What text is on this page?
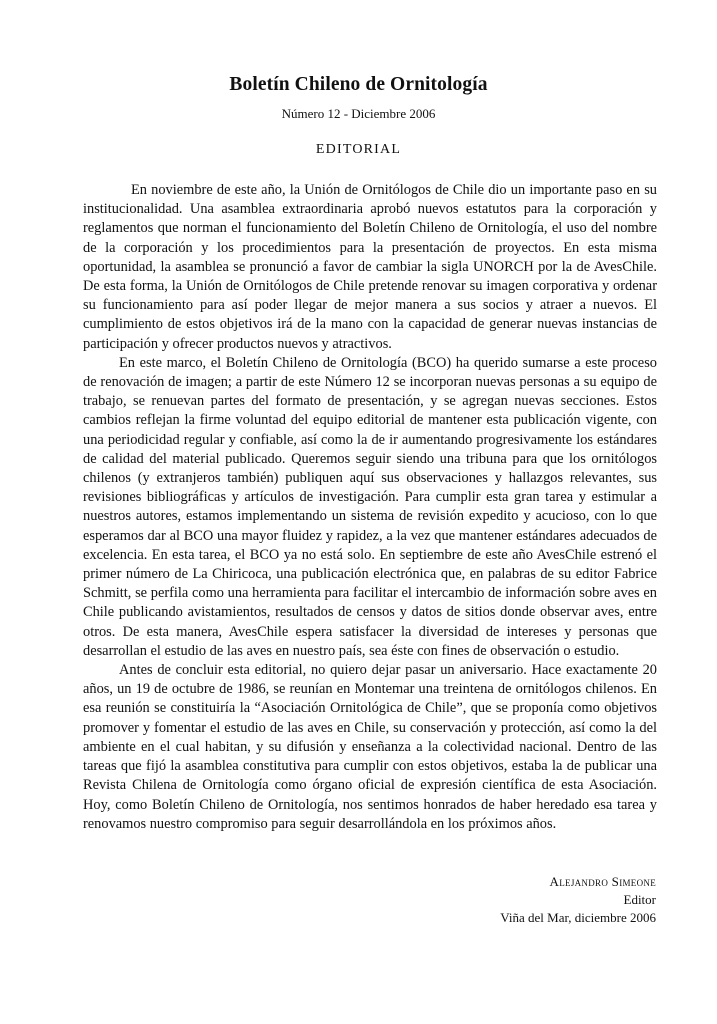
Boletín Chileno de Ornitología
Número 12 - Diciembre 2006
EDITORIAL

En noviembre de este año, la Unión de Ornitólogos de Chile dio un importante paso en su institucionalidad. Una asamblea extraordinaria aprobó nuevos estatutos para la corporación y reglamentos que norman el funcionamiento del Boletín Chileno de Ornitología, el uso del nombre de la corporación y los procedimientos para la presentación de proyectos. En esta misma oportunidad, la asamblea se pronunció a favor de cambiar la sigla UNORCH por la de AvesChile. De esta forma, la Unión de Ornitólogos de Chile pretende renovar su imagen corporativa y ordenar su funcionamiento para así poder llegar de mejor manera a sus socios y atraer a nuevos. El cumplimiento de estos objetivos irá de la mano con la capacidad de generar nuevas instancias de participación y ofrecer productos nuevos y atractivos.

En este marco, el Boletín Chileno de Ornitología (BCO) ha querido sumarse a este proceso de renovación de imagen; a partir de este Número 12 se incorporan nuevas personas a su equipo de trabajo, se renuevan partes del formato de presentación, y se agregan nuevas secciones. Estos cambios reflejan la firme voluntad del equipo editorial de mantener esta publicación vigente, con una periodicidad regular y confiable, así como la de ir aumentando progresivamente los estándares de calidad del material publicado. Queremos seguir siendo una tribuna para que los ornitólogos chilenos (y extranjeros también) publiquen aquí sus observaciones y hallazgos relevantes, sus revisiones bibliográficas y artículos de investigación. Para cumplir esta gran tarea y estimular a nuestros autores, estamos implementando un sistema de revisión expedito y acucioso, con lo que esperamos dar al BCO una mayor fluidez y rapidez, a la vez que mantener estándares adecuados de excelencia. En esta tarea, el BCO ya no está solo. En septiembre de este año AvesChile estrenó el primer número de La Chiricoca, una publicación electrónica que, en palabras de su editor Fabrice Schmitt, se perfila como una herramienta para facilitar el intercambio de información sobre aves en Chile publicando avistamientos, resultados de censos y datos de sitios donde observar aves, entre otros. De esta manera, AvesChile espera satisfacer la diversidad de intereses y personas que desarrollan el estudio de las aves en nuestro país, sea éste con fines de observación o estudio.

Antes de concluir esta editorial, no quiero dejar pasar un aniversario. Hace exactamente 20 años, un 19 de octubre de 1986, se reunían en Montemar una treintena de ornitólogos chilenos. En esa reunión se constituiría la “Asociación Ornitológica de Chile”, que se proponía como objetivos promover y fomentar el estudio de las aves en Chile, su conservación y protección, así como la del ambiente en el cual habitan, y su difusión y enseñanza a la colectividad nacional. Dentro de las tareas que fijó la asamblea constitutiva para cumplir con estos objetivos, estaba la de publicar una Revista Chilena de Ornitología como órgano oficial de expresión científica de esta Asociación. Hoy, como Boletín Chileno de Ornitología, nos sentimos honrados de haber heredado esa tarea y renovamos nuestro compromiso para seguir desarrollándola en los próximos años.

Alejandro Simeone
Editor
Viña del Mar, diciembre 2006
